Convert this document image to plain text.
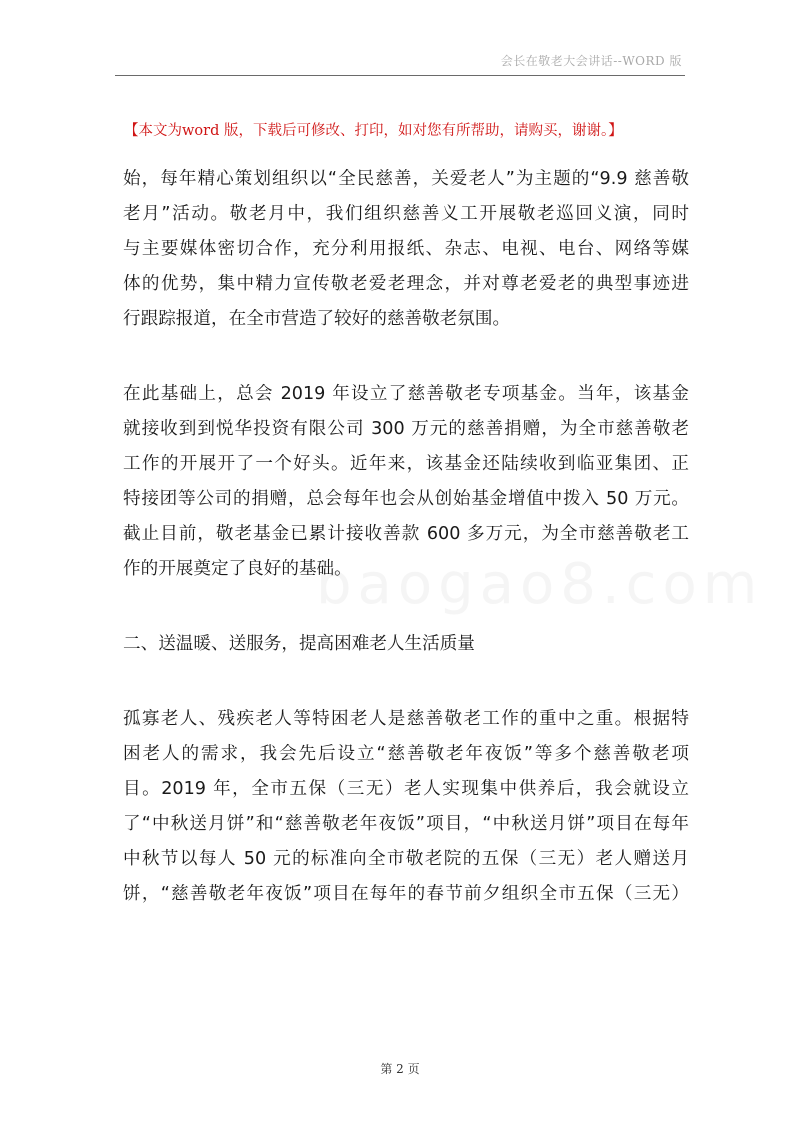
会长在敬老大会讲话--WORD 版
【本文为word 版，下载后可修改、打印，如对您有所帮助，请购买，谢谢。】
baogao8.com

始，每年精心策划组织以“全民慈善，关爱老人”为主题的“9.9 慈善敬
老月”活动。敬老月中，我们组织慈善义工开展敬老巡回义演，同时
与主要媒体密切合作，充分利用报纸、杂志、电视、电台、网络等媒
体的优势，集中精力宣传敬老爱老理念，并对尊老爱老的典型事迹进
行跟踪报道，在全市营造了较好的慈善敬老氛围。

在此基础上，总会 2019 年设立了慈善敬老专项基金。当年，该基金
就接收到到悦华投资有限公司 300 万元的慈善捐赠，为全市慈善敬老
工作的开展开了一个好头。近年来，该基金还陆续收到临亚集团、正
特接团等公司的捐赠，总会每年也会从创始基金增值中拨入 50 万元。
截止目前，敬老基金已累计接收善款 600 多万元，为全市慈善敬老工
作的开展奠定了良好的基础。

二、送温暖、送服务，提高困难老人生活质量

孤寡老人、残疾老人等特困老人是慈善敬老工作的重中之重。根据特
困老人的需求，我会先后设立“慈善敬老年夜饭”等多个慈善敬老项
目。2019 年，全市五保（三无）老人实现集中供养后，我会就设立
了“中秋送月饼”和“慈善敬老年夜饭”项目，“中秋送月饼”项目在每年
中秋节以每人 50 元的标准向全市敬老院的五保（三无）老人赠送月
饼，“慈善敬老年夜饭”项目在每年的春节前夕组织全市五保（三无）

第 2 页
